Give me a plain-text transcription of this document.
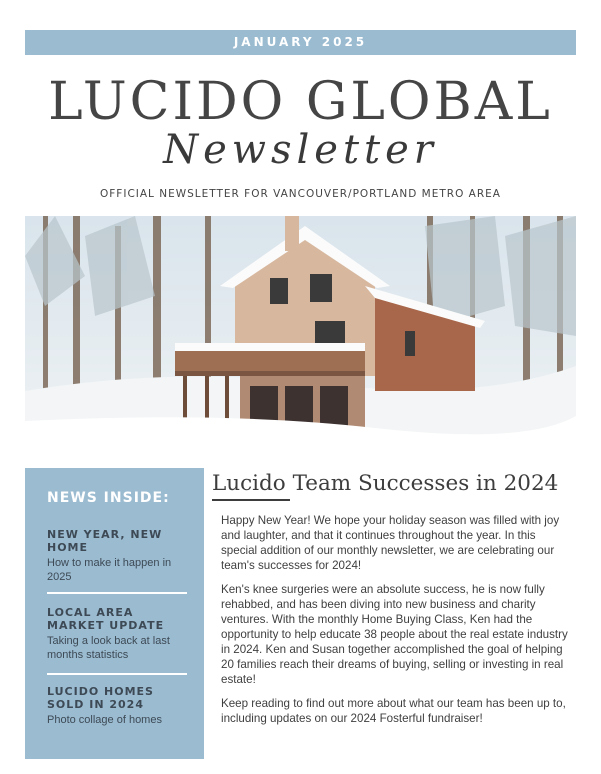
JANUARY 2025
LUCIDO GLOBAL
Newsletter
OFFICIAL NEWSLETTER FOR VANCOUVER/PORTLAND METRO AREA
NEWS INSIDE:
NEW YEAR, NEW HOME
How to make it happen in 2025
LOCAL AREA MARKET UPDATE
Taking a look back at last months statistics
LUCIDO HOMES SOLD IN 2024
Photo collage of homes
Lucido Team Successes in 2024

Happy New Year! We hope your holiday season was filled with joy and laughter, and that it continues throughout the year. In this special addition of our monthly newsletter, we are celebrating our team's successes for 2024!

Ken's knee surgeries were an absolute success, he is now fully rehabbed, and has been diving into new business and charity ventures. With the monthly Home Buying Class, Ken had the opportunity to help educate 38 people about the real estate industry in 2024. Ken and Susan together accomplished the goal of helping 20 families reach their dreams of buying, selling or investing in real estate!

Keep reading to find out more about what our team has been up to, including updates on our 2024 Fosterful fundraiser!
